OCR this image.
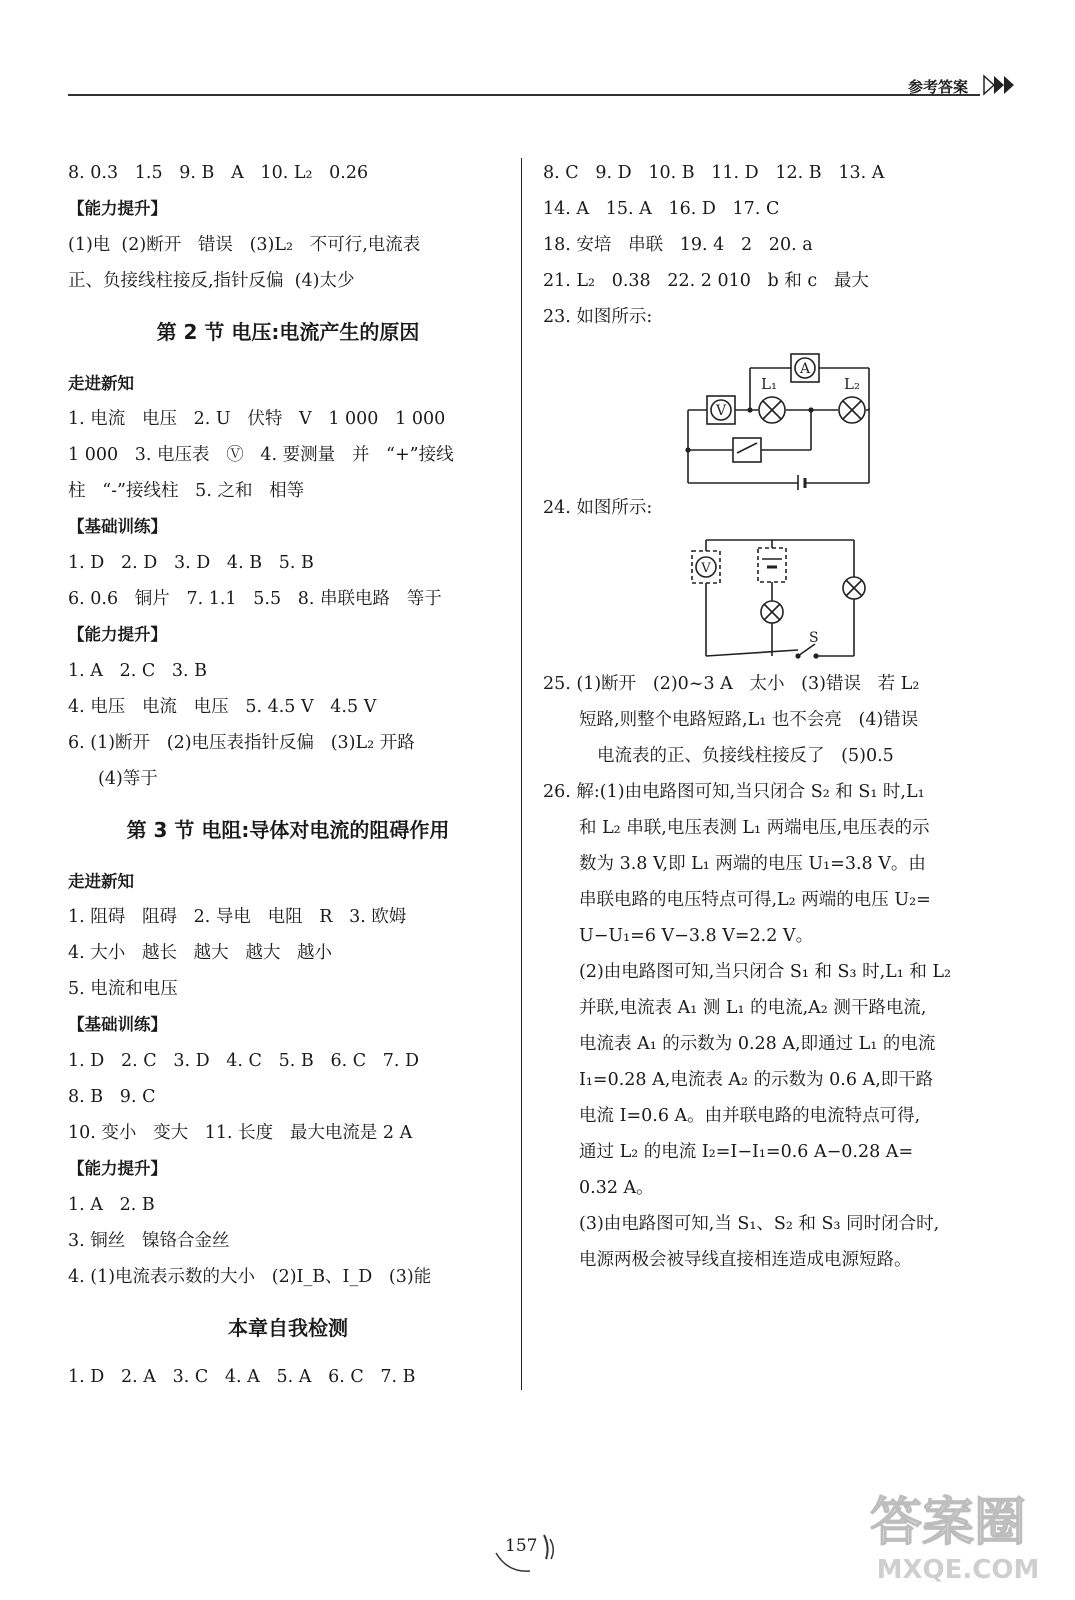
参考答案
8. 0.3   1.5   9. B   A   10. L₂   0.26
【能力提升】
(1)电  (2)断开   错误   (3)L₂   不可行,电流表
正、负接线柱接反,指针反偏  (4)太少
第 2 节 电压:电流产生的原因
走进新知
1. 电流   电压   2. U   伏特   V   1 000   1 000
1 000   3. 电压表   Ⓥ   4. 要测量   并   “+”接线
柱   “-”接线柱   5. 之和   相等
【基础训练】
1. D   2. D   3. D   4. B   5. B
6. 0.6   铜片   7. 1.1   5.5   8. 串联电路   等于
【能力提升】
1. A   2. C   3. B
4. 电压   电流   电压   5. 4.5 V   4.5 V
6. (1)断开   (2)电压表指针反偏   (3)L₂ 开路
(4)等于
第 3 节 电阻:导体对电流的阻碍作用
走进新知
1. 阻碍   阻碍   2. 导电   电阻   R   3. 欧姆
4. 大小   越长   越大   越大   越小
5. 电流和电压
【基础训练】
1. D   2. C   3. D   4. C   5. B   6. C   7. D
8. B   9. C
10. 变小   变大   11. 长度   最大电流是 2 A
【能力提升】
1. A   2. B
3. 铜丝   镍铬合金丝
4. (1)电流表示数的大小   (2)I_B、I_D   (3)能
本章自我检测
1. D   2. A   3. C   4. A   5. A   6. C   7. B
8. C   9. D   10. B   11. D   12. B   13. A
14. A   15. A   16. D   17. C
18. 安培   串联   19. 4   2   20. a
21. L₂   0.38   22. 2 010   b 和 c   最大
23. 如图所示:
V
A
L₁	L₂
24. 如图所示:
V
S
25. (1)断开   (2)0~3 A   太小   (3)错误   若 L₂
短路,则整个电路短路,L₁ 也不会亮   (4)错误
电流表的正、负接线柱接反了   (5)0.5
26. 解:(1)由电路图可知,当只闭合 S₂ 和 S₁ 时,L₁
和 L₂ 串联,电压表测 L₁ 两端电压,电压表的示
数为 3.8 V,即 L₁ 两端的电压 U₁=3.8 V。由
串联电路的电压特点可得,L₂ 两端的电压 U₂=
U−U₁=6 V−3.8 V=2.2 V。
(2)由电路图可知,当只闭合 S₁ 和 S₃ 时,L₁ 和 L₂
并联,电流表 A₁ 测 L₁ 的电流,A₂ 测干路电流,
电流表 A₁ 的示数为 0.28 A,即通过 L₁ 的电流
I₁=0.28 A,电流表 A₂ 的示数为 0.6 A,即干路
电流 I=0.6 A。由并联电路的电流特点可得,
通过 L₂ 的电流 I₂=I−I₁=0.6 A−0.28 A=
0.32 A。
(3)由电路图可知,当 S₁、S₂ 和 S₃ 同时闭合时,
电源两极会被导线直接相连造成电源短路。
157	答案圈
MXQE.COM
